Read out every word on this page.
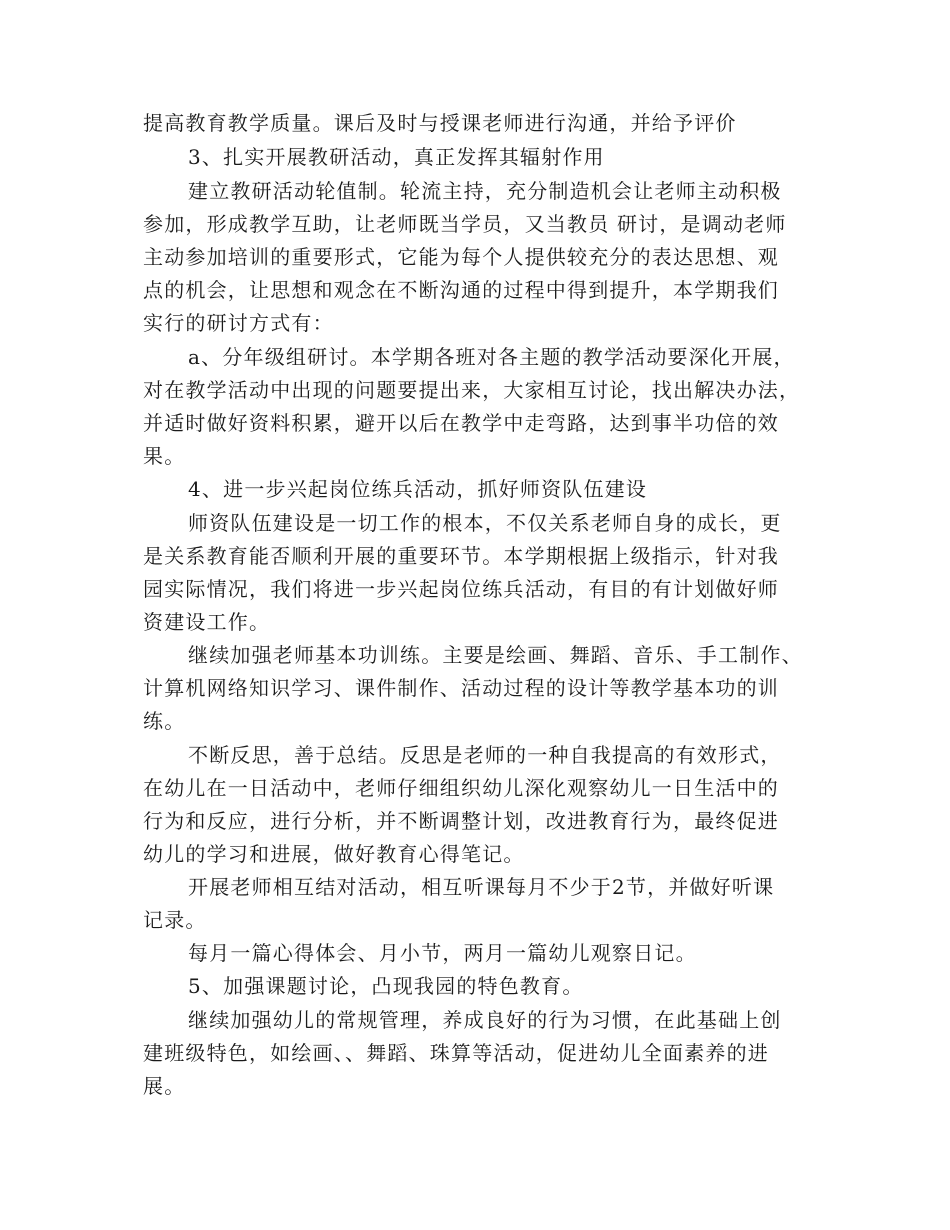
提高教育教学质量。课后及时与授课老师进行沟通，并给予评价
3、扎实开展教研活动，真正发挥其辐射作用
建立教研活动轮值制。轮流主持，充分制造机会让老师主动积极
参加，形成教学互助，让老师既当学员，又当教员 研讨，是调动老师
主动参加培训的重要形式，它能为每个人提供较充分的表达思想、观
点的机会，让思想和观念在不断沟通的过程中得到提升，本学期我们
实行的研讨方式有：
a、分年级组研讨。本学期各班对各主题的教学活动要深化开展，
对在教学活动中出现的问题要提出来，大家相互讨论，找出解决办法，
并适时做好资料积累，避开以后在教学中走弯路，达到事半功倍的效
果。
4、进一步兴起岗位练兵活动，抓好师资队伍建设
师资队伍建设是一切工作的根本，不仅关系老师自身的成长，更
是关系教育能否顺利开展的重要环节。本学期根据上级指示，针对我
园实际情况，我们将进一步兴起岗位练兵活动，有目的有计划做好师
资建设工作。
继续加强老师基本功训练。主要是绘画、舞蹈、音乐、手工制作、
计算机网络知识学习、课件制作、活动过程的设计等教学基本功的训
练。
不断反思，善于总结。反思是老师的一种自我提高的有效形式，
在幼儿在一日活动中，老师仔细组织幼儿深化观察幼儿一日生活中的
行为和反应，进行分析，并不断调整计划，改进教育行为，最终促进
幼儿的学习和进展，做好教育心得笔记。
开展老师相互结对活动，相互听课每月不少于2节，并做好听课
记录。
每月一篇心得体会、月小节，两月一篇幼儿观察日记。
5、加强课题讨论，凸现我园的特色教育。
继续加强幼儿的常规管理，养成良好的行为习惯，在此基础上创
建班级特色，如绘画、、舞蹈、珠算等活动，促进幼儿全面素养的进
展。
